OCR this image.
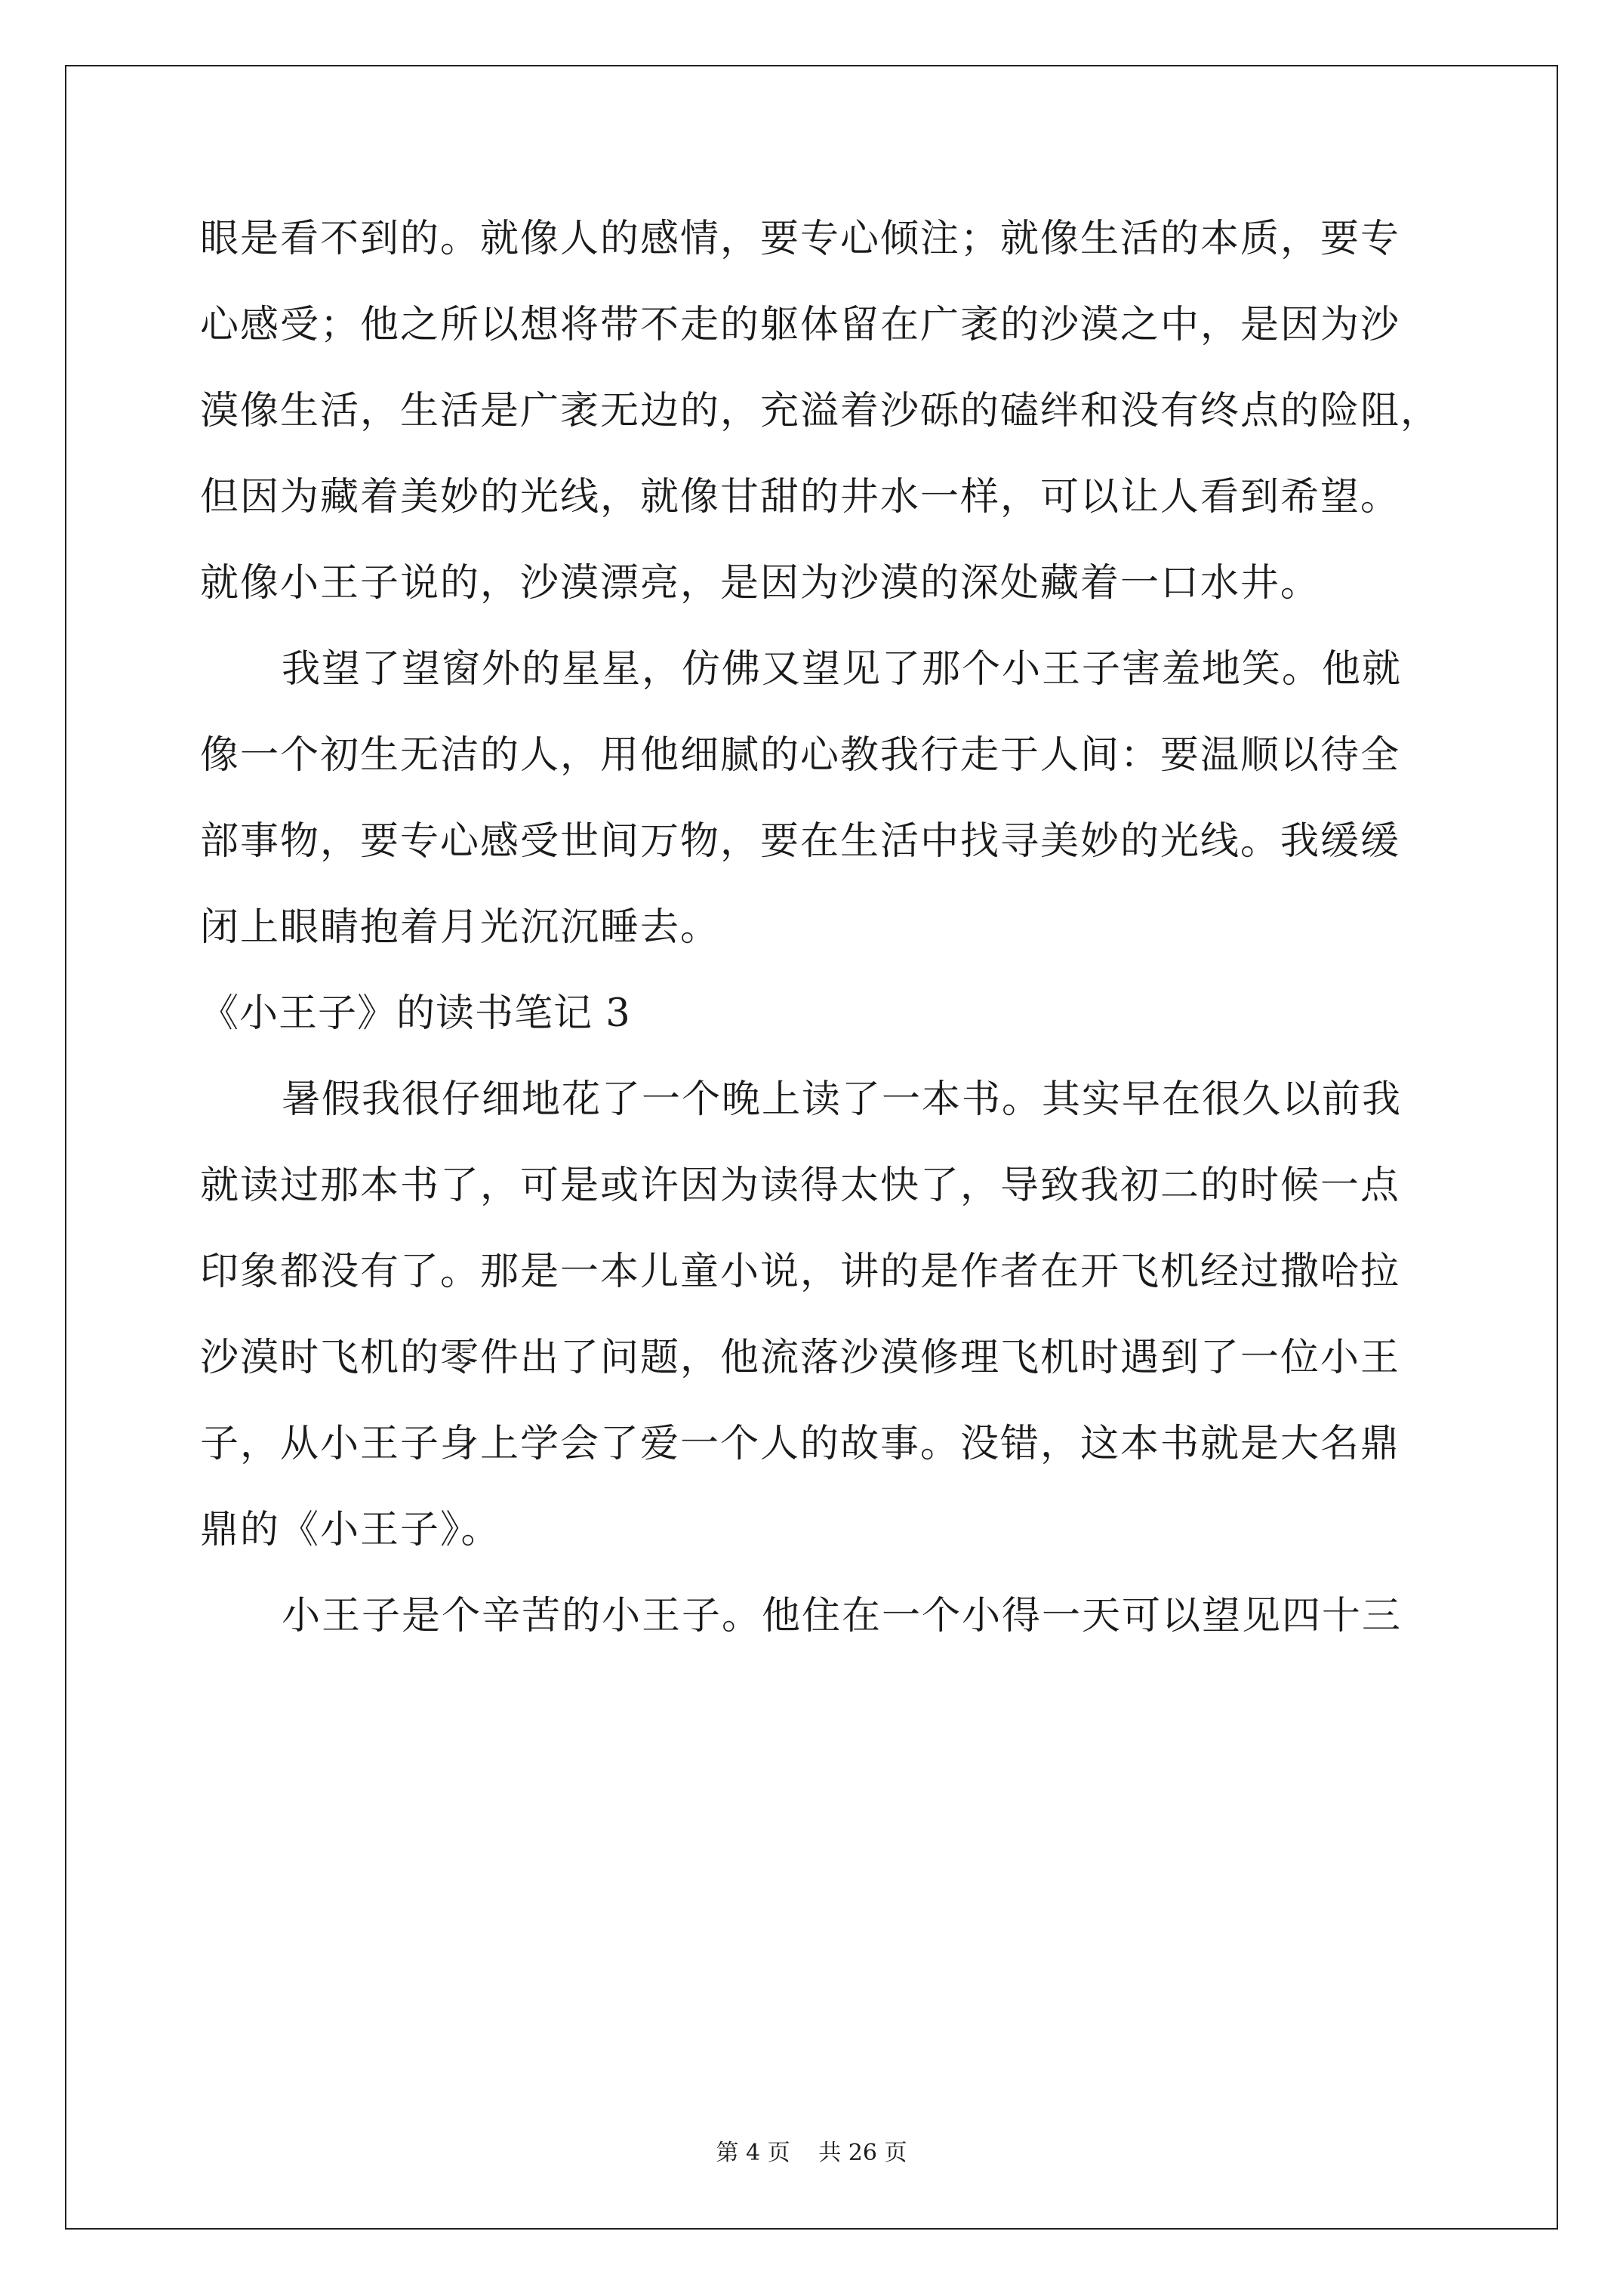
眼是看不到的。就像人的感情，要专心倾注；就像生活的本质，要专
心感受；他之所以想将带不走的躯体留在广袤的沙漠之中，是因为沙
漠像生活，生活是广袤无边的，充溢着沙砾的磕绊和没有终点的险阻，
但因为藏着美妙的光线，就像甘甜的井水一样，可以让人看到希望。
就像小王子说的，沙漠漂亮，是因为沙漠的深处藏着一口水井。
我望了望窗外的星星，仿佛又望见了那个小王子害羞地笑。他就
像一个初生无洁的人，用他细腻的心教我行走于人间：要温顺以待全
部事物，要专心感受世间万物，要在生活中找寻美妙的光线。我缓缓
闭上眼睛抱着月光沉沉睡去。
《小王子》的读书笔记 3
暑假我很仔细地花了一个晚上读了一本书。其实早在很久以前我
就读过那本书了，可是或许因为读得太快了，导致我初二的时候一点
印象都没有了。那是一本儿童小说，讲的是作者在开飞机经过撒哈拉
沙漠时飞机的零件出了问题，他流落沙漠修理飞机时遇到了一位小王
子，从小王子身上学会了爱一个人的故事。没错，这本书就是大名鼎
鼎的《小王子》。
小王子是个辛苦的小王子。他住在一个小得一天可以望见四十三
第 4 页 共 26 页
